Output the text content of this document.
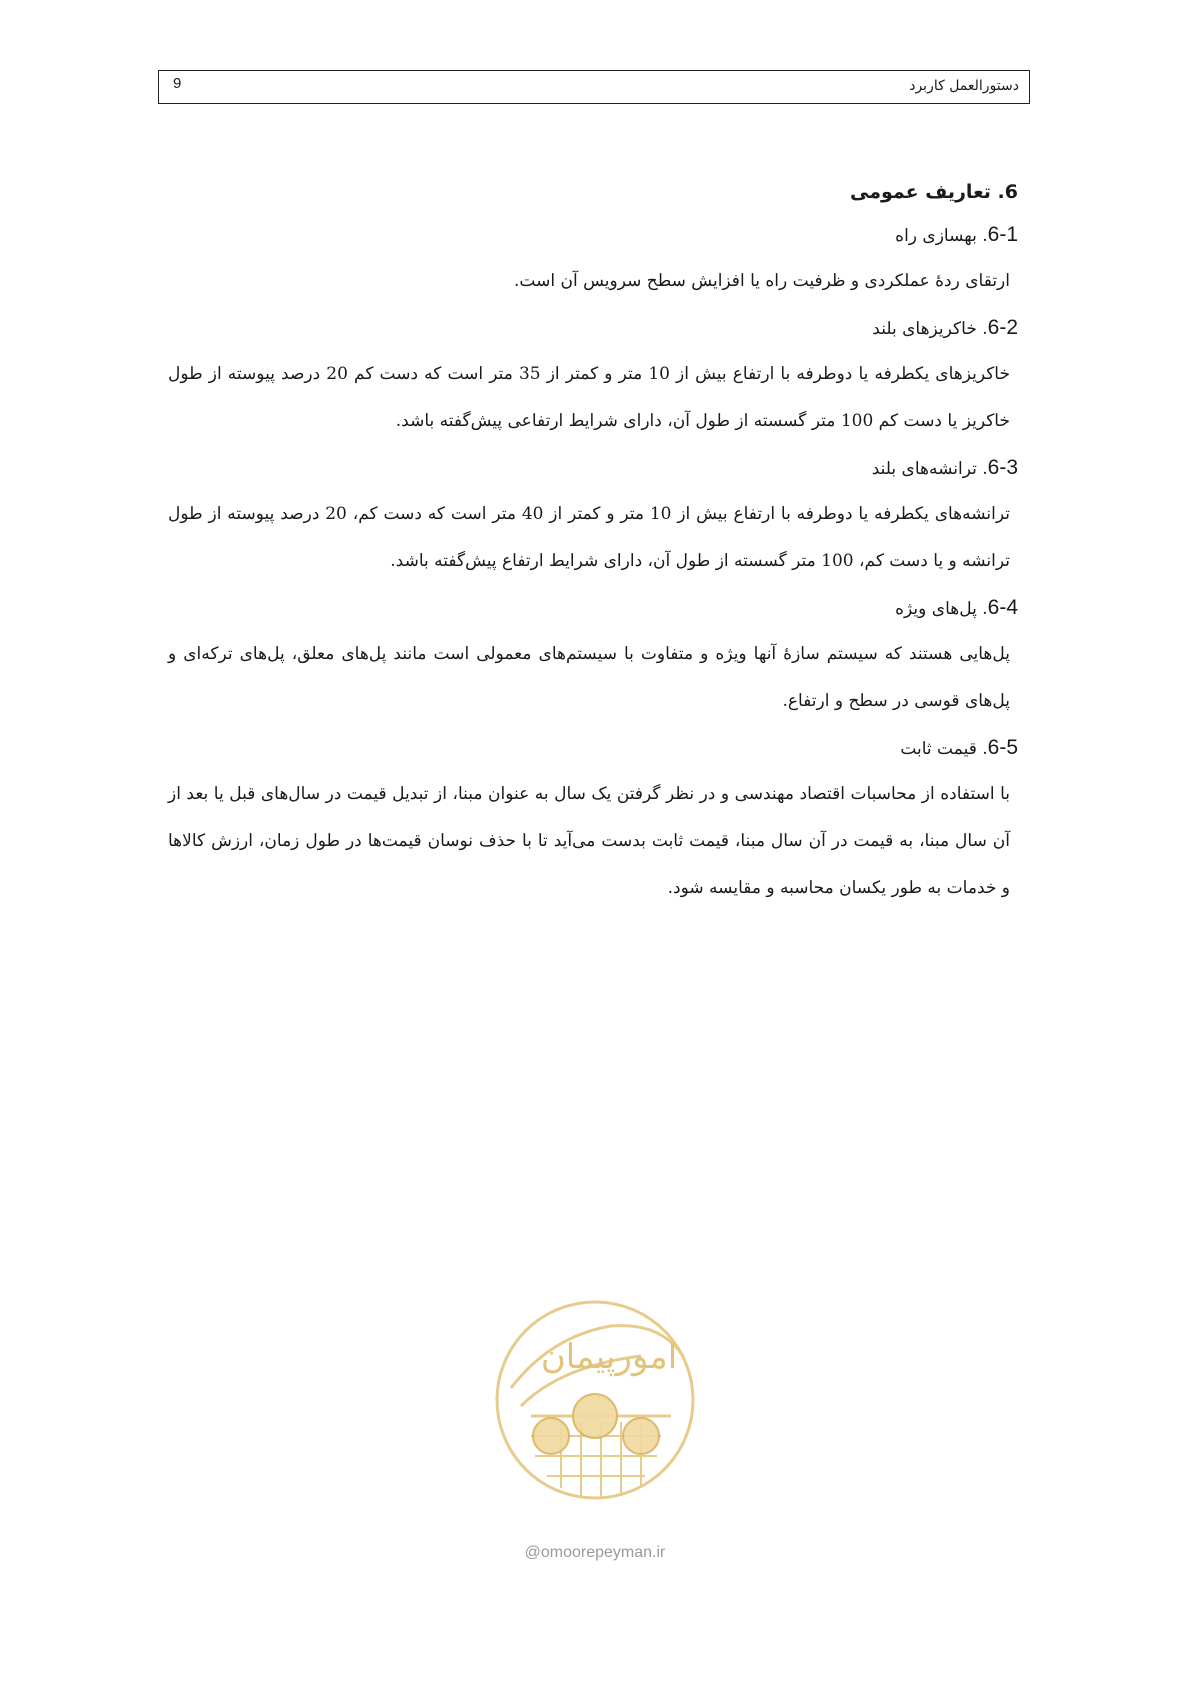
دستورالعمل کاربرد
9
6. تعاریف عمومی
6-1. بهسازی راه
ارتقای ردۀ عملکردی و ظرفیت راه یا افزایش سطح سرویس آن است.
6-2. خاکریزهای بلند
خاکریزهای یکطرفه یا دوطرفه با ارتفاع بیش از 10 متر و کمتر از 35 متر است که دست کم 20 درصد پیوسته از طول خاکریز یا دست کم 100 متر گسسته از طول آن، دارای شرایط ارتفاعی پیش‌گفته باشد.
6-3. ترانشه‌های بلند
ترانشه‌های یکطرفه یا دوطرفه با ارتفاع بیش از 10 متر و کمتر از 40 متر است که دست کم، 20 درصد پیوسته از طول ترانشه و یا دست کم، 100 متر گسسته از طول آن، دارای شرایط ارتفاع پیش‌گفته باشد.
6-4. پل‌های ویژه
پل‌هایی هستند که سیستم سازۀ آنها ویژه و متفاوت با سیستم‌های معمولی است مانند پل‌های معلق، پل‌های ترکه‌ای و پل‌های قوسی در سطح و ارتفاع.
6-5. قیمت ثابت
با استفاده از محاسبات اقتصاد مهندسی و در نظر گرفتن یک سال به عنوان مبنا، از تبدیل قیمت در سال‌های قبل یا بعد از آن سال مبنا، به قیمت در آن سال مبنا، قیمت ثابت بدست می‌آید تا با حذف نوسان قیمت‌ها در طول زمان، ارزش کالاها و خدمات به طور یکسان محاسبه و مقایسه شود.
امورپیمان
@omoorepeyman.ir
